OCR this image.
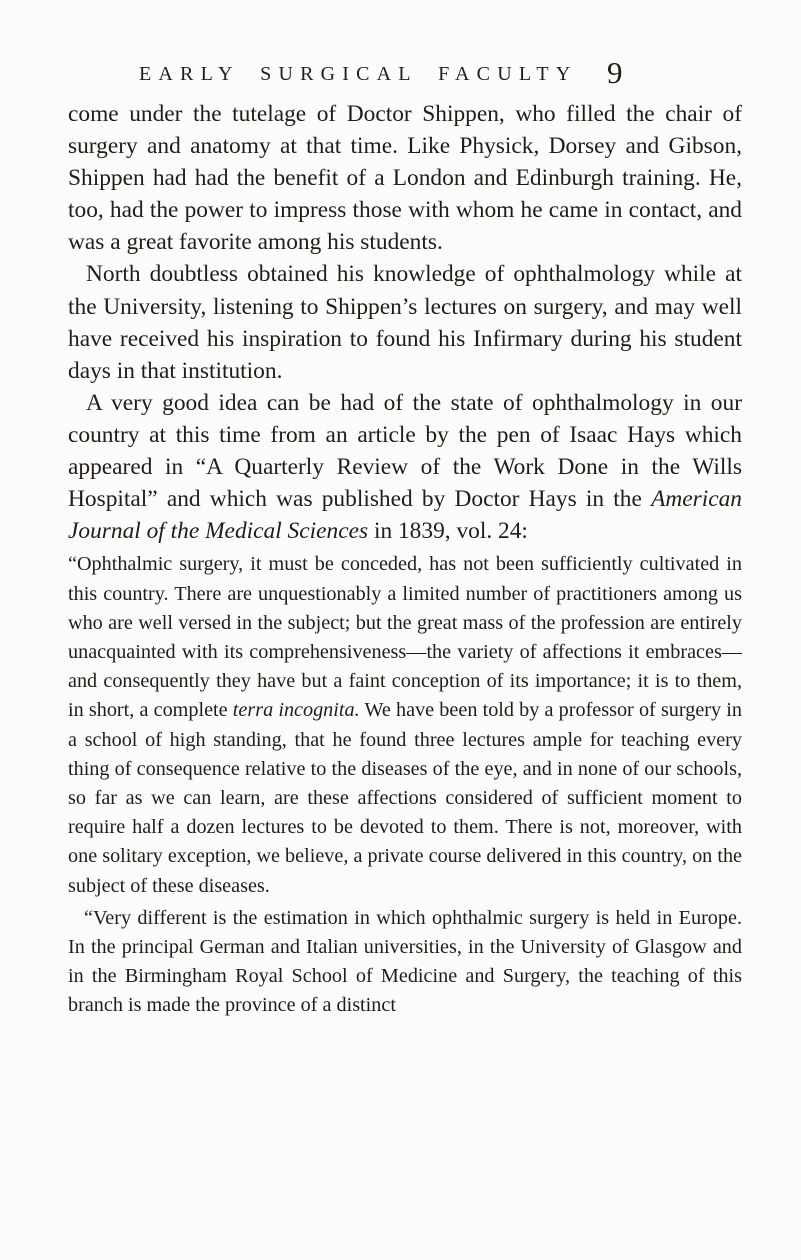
EARLY SURGICAL FACULTY 9

come under the tutelage of Doctor Shippen, who filled the chair of surgery and anatomy at that time. Like Physick, Dorsey and Gibson, Shippen had had the benefit of a London and Edinburgh training. He, too, had the power to impress those with whom he came in contact, and was a great favorite among his students.

North doubtless obtained his knowledge of ophthalmology while at the University, listening to Shippen’s lectures on surgery, and may well have received his inspiration to found his Infirmary during his student days in that institution.

A very good idea can be had of the state of ophthalmology in our country at this time from an article by the pen of Isaac Hays which appeared in “A Quarterly Review of the Work Done in the Wills Hospital” and which was published by Doctor Hays in the American Journal of the Medical Sciences in 1839, vol. 24:

“Ophthalmic surgery, it must be conceded, has not been sufficiently cultivated in this country. There are unquestionably a limited number of practitioners among us who are well versed in the subject; but the great mass of the profession are entirely unacquainted with its comprehensiveness—the variety of affections it embraces—and consequently they have but a faint conception of its importance; it is to them, in short, a complete terra incognita. We have been told by a professor of surgery in a school of high standing, that he found three lectures ample for teaching every thing of consequence relative to the diseases of the eye, and in none of our schools, so far as we can learn, are these affections considered of sufficient moment to require half a dozen lectures to be devoted to them. There is not, moreover, with one solitary exception, we believe, a private course delivered in this country, on the subject of these diseases.

“Very different is the estimation in which ophthalmic surgery is held in Europe. In the principal German and Italian universities, in the University of Glasgow and in the Birmingham Royal School of Medicine and Surgery, the teaching of this branch is made the province of a distinct
